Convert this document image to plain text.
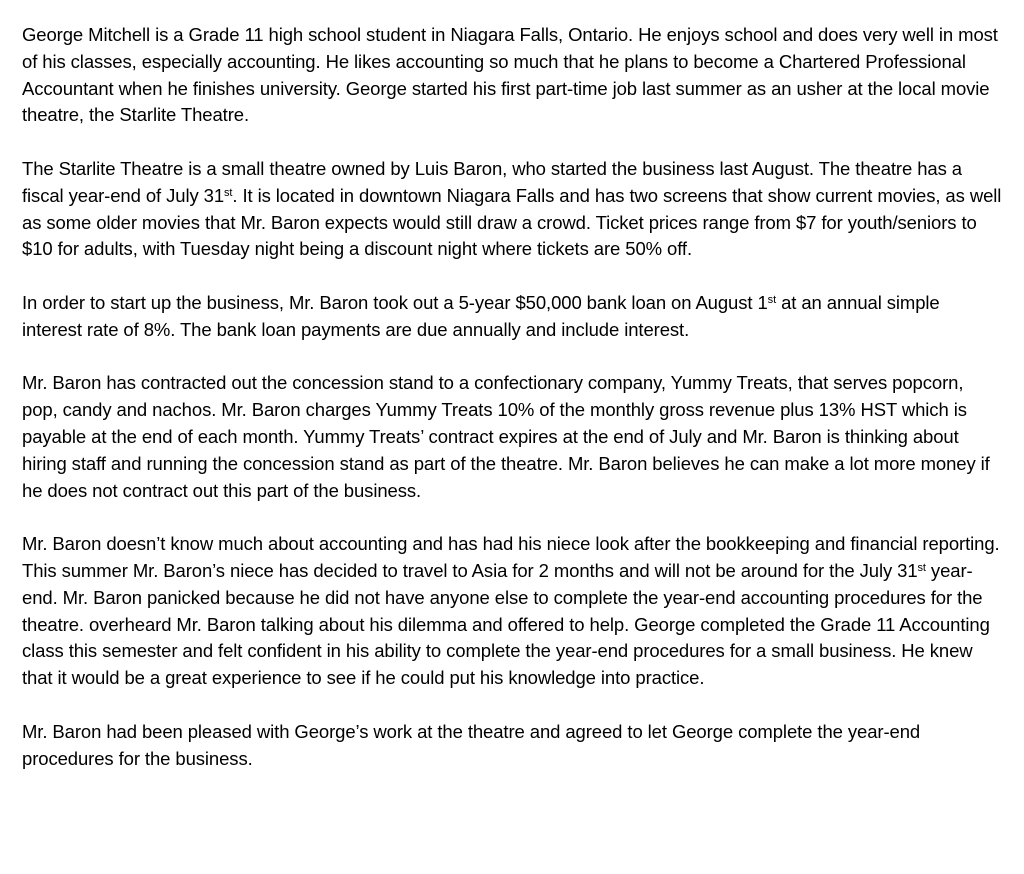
George Mitchell is a Grade 11 high school student in Niagara Falls, Ontario. He enjoys school and does very well in most of his classes, especially accounting. He likes accounting so much that he plans to become a Chartered Professional Accountant when he finishes university. George started his first part-time job last summer as an usher at the local movie theatre, the Starlite Theatre.

The Starlite Theatre is a small theatre owned by Luis Baron, who started the business last August. The theatre has a fiscal year-end of July 31st. It is located in downtown Niagara Falls and has two screens that show current movies, as well as some older movies that Mr. Baron expects would still draw a crowd. Ticket prices range from $7 for youth/seniors to $10 for adults, with Tuesday night being a discount night where tickets are 50% off.

In order to start up the business, Mr. Baron took out a 5-year $50,000 bank loan on August 1st at an annual simple interest rate of 8%. The bank loan payments are due annually and include interest.

Mr. Baron has contracted out the concession stand to a confectionary company, Yummy Treats, that serves popcorn, pop, candy and nachos. Mr. Baron charges Yummy Treats 10% of the monthly gross revenue plus 13% HST which is payable at the end of each month. Yummy Treats’ contract expires at the end of July and Mr. Baron is thinking about hiring staff and running the concession stand as part of the theatre. Mr. Baron believes he can make a lot more money if he does not contract out this part of the business.

Mr. Baron doesn’t know much about accounting and has had his niece look after the bookkeeping and financial reporting. This summer Mr. Baron’s niece has decided to travel to Asia for 2 months and will not be around for the July 31st year-end. Mr. Baron panicked because he did not have anyone else to complete the year-end accounting procedures for the theatre. overheard Mr. Baron talking about his dilemma and offered to help. George completed the Grade 11 Accounting class this semester and felt confident in his ability to complete the year-end procedures for a small business. He knew that it would be a great experience to see if he could put his knowledge into practice.

Mr. Baron had been pleased with George’s work at the theatre and agreed to let George complete the year-end procedures for the business.
